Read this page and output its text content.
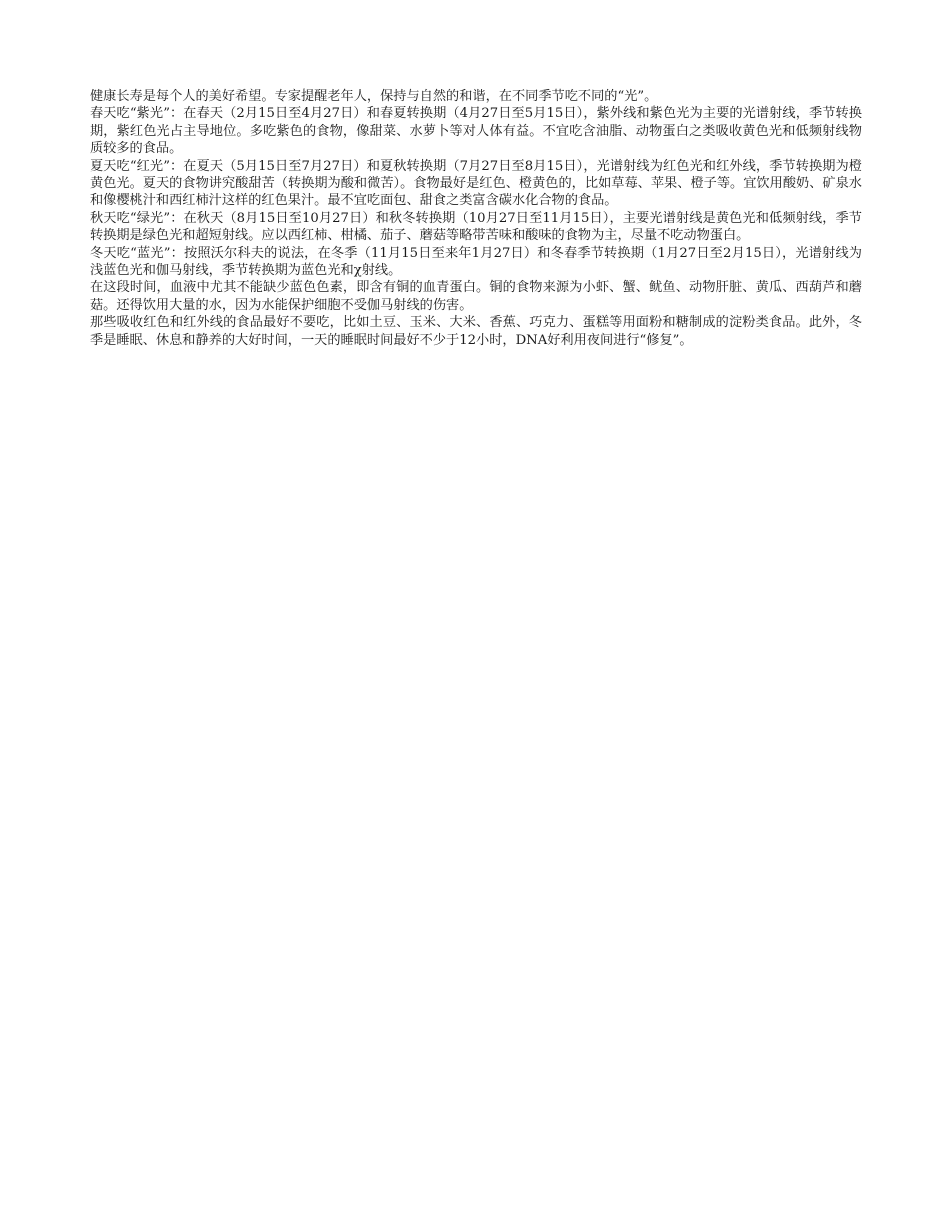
健康长寿是每个人的美好希望。专家提醒老年人，保持与自然的和谐，在不同季节吃不同的“光”。

春天吃“紫光”：在春天（2月15日至4月27日）和春夏转换期（4月27日至5月15日），紫外线和紫色光为主要的光谱射线，季节转换期，紫红色光占主导地位。多吃紫色的食物，像甜菜、水萝卜等对人体有益。不宜吃含油脂、动物蛋白之类吸收黄色光和低频射线物质较多的食品。

夏天吃“红光”：在夏天（5月15日至7月27日）和夏秋转换期（7月27日至8月15日），光谱射线为红色光和红外线，季节转换期为橙黄色光。夏天的食物讲究酸甜苦（转换期为酸和微苦）。食物最好是红色、橙黄色的，比如草莓、苹果、橙子等。宜饮用酸奶、矿泉水和像樱桃汁和西红柿汁这样的红色果汁。最不宜吃面包、甜食之类富含碳水化合物的食品。

秋天吃“绿光”：在秋天（8月15日至10月27日）和秋冬转换期（10月27日至11月15日），主要光谱射线是黄色光和低频射线，季节转换期是绿色光和超短射线。应以西红柿、柑橘、茄子、蘑菇等略带苦味和酸味的食物为主，尽量不吃动物蛋白。

冬天吃“蓝光”：按照沃尔科夫的说法，在冬季（11月15日至来年1月27日）和冬春季节转换期（1月27日至2月15日），光谱射线为浅蓝色光和伽马射线，季节转换期为蓝色光和χ射线。

在这段时间，血液中尤其不能缺少蓝色色素，即含有铜的血青蛋白。铜的食物来源为小虾、蟹、鱿鱼、动物肝脏、黄瓜、西葫芦和蘑菇。还得饮用大量的水，因为水能保护细胞不受伽马射线的伤害。

那些吸收红色和红外线的食品最好不要吃，比如土豆、玉米、大米、香蕉、巧克力、蛋糕等用面粉和糖制成的淀粉类食品。此外，冬季是睡眠、休息和静养的大好时间，一天的睡眠时间最好不少于12小时，DNA好利用夜间进行“修复”。
